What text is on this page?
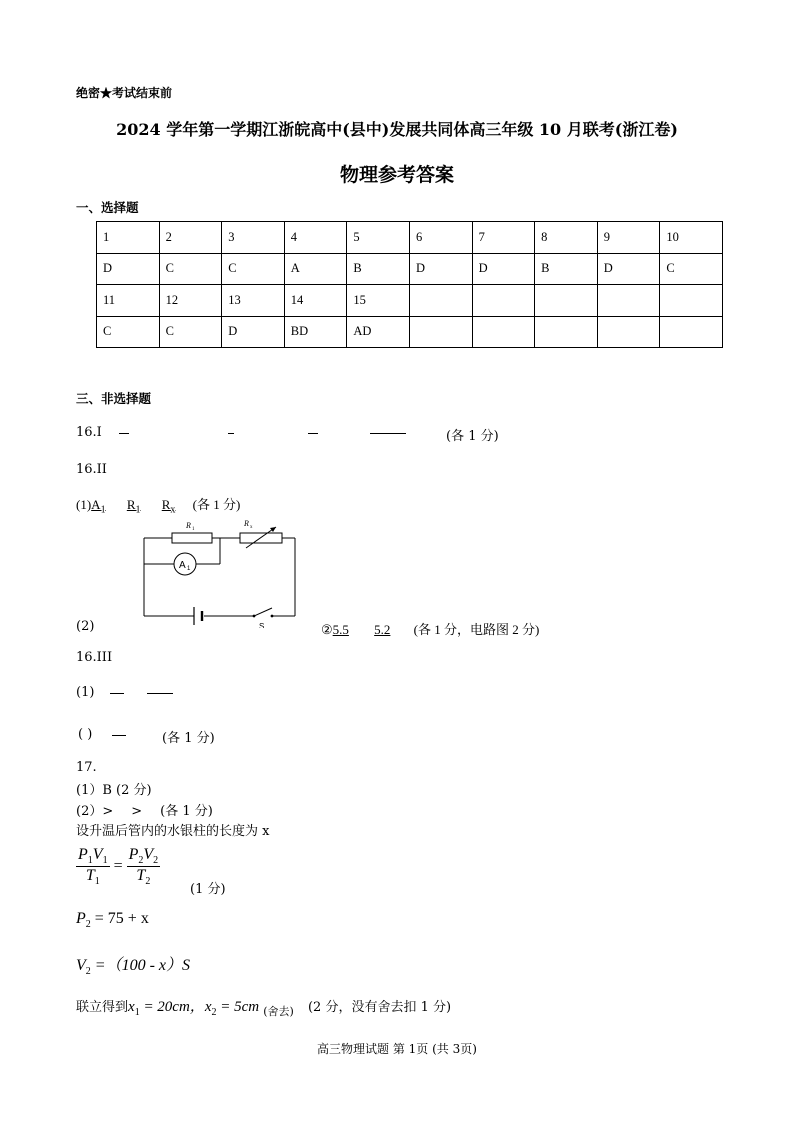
绝密★考试结束前
2024 学年第一学期江浙皖高中(县中)发展共同体高三年级 10 月联考(浙江卷)
物理参考答案
一、选择题
1	2	3	4	5	6	7	8	9	10
D	C	C	A	B	D	D	B	D	C
11	12	13	14	15					
C	C	D	BD	AD					
三、非选择题
16.I	(各 1 分)
16.II
$(1)A_1$ $R_1$ $R_x$ (各 1 分)
R 1
R x
A 1
S
(2)	②5.5 5.2 (各 1 分，电路图 2 分)
16.III
(1)
( )	(各 1 分)
17.
(1）B (2 分)
(2）> > (各 1 分)
设升温后管内的水银柱的长度为 x
$\frac{P_1V_1}{T_1} = \frac{P_2V_2}{T_2}$
(1 分)
$P_2 = 75 + x$
$V_2 =(100 - x)S$
联立得到$x_1 = 20cm$，$x_2 = 5cm$ $_{(舍去)}$ (2 分，没有舍去扣 1 分)
高三物理试题 第 1页 (共 3页)
